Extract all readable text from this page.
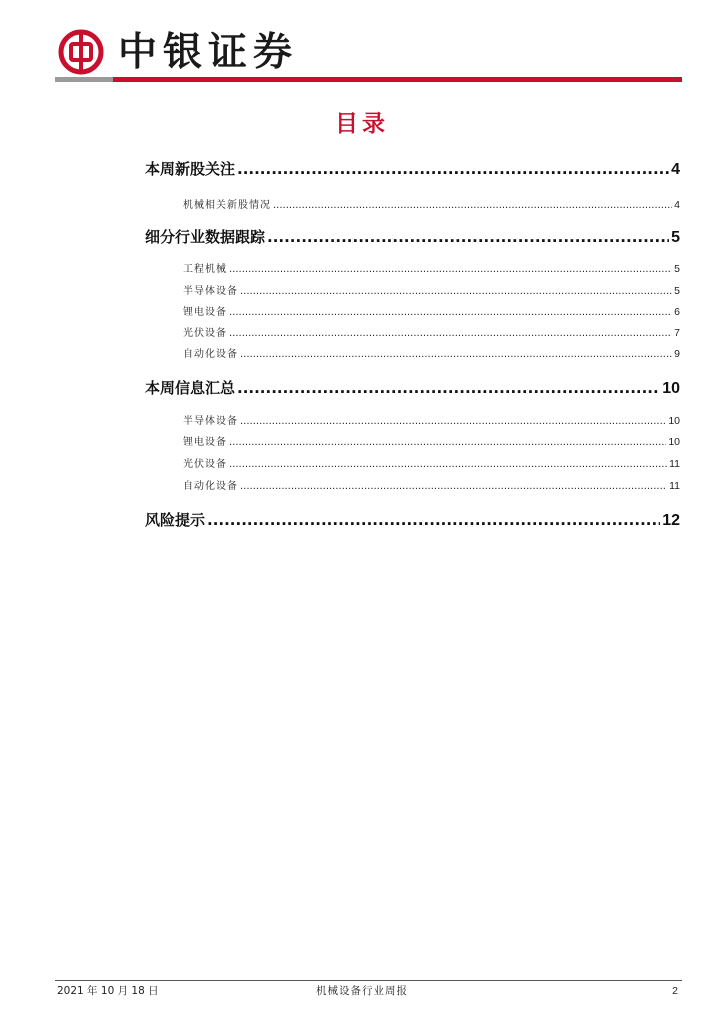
中银证券
目录
本周新股关注 .....	4
机械相关新股情况 .....	4
细分行业数据跟踪 .....	5
工程机械 .....	5
半导体设备 .....	5
锂电设备 .....	6
光伏设备 .....	7
自动化设备 .....	9
本周信息汇总 .....	10
半导体设备 .....	10
锂电设备 .....	10
光伏设备 .....	11
自动化设备 .....	11
风险提示 .....	12
2021 年 10 月 18 日	机械设备行业周报	2
